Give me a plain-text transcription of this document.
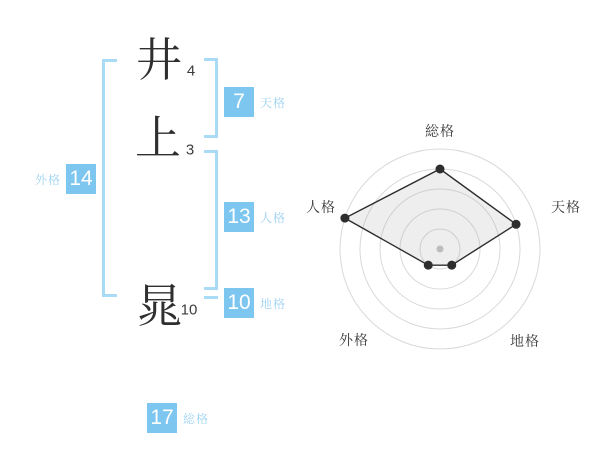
井 4
上 3
晁
10
7	天格
13 人格
10 地格
外格 14
17 総格
総格
天格
地格
外格
人格
